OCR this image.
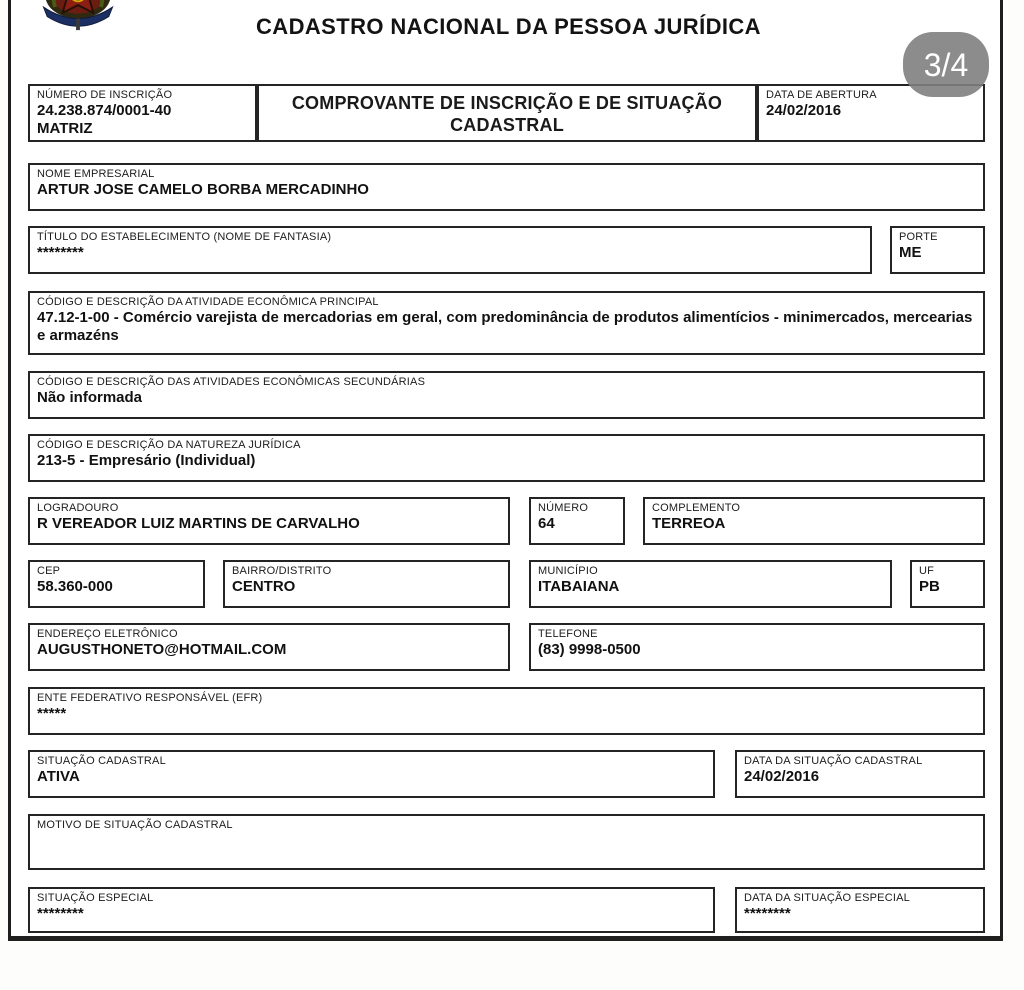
3/4
CADASTRO NACIONAL DA PESSOA JURÍDICA
NÚMERO DE INSCRIÇÃO
24.238.874/0001-40
MATRIZ
COMPROVANTE DE INSCRIÇÃO E DE SITUAÇÃO
CADASTRAL
DATA DE ABERTURA
24/02/2016
NOME EMPRESARIAL
ARTUR JOSE CAMELO BORBA MERCADINHO
TÍTULO DO ESTABELECIMENTO (NOME DE FANTASIA)
********
PORTE
ME
CÓDIGO E DESCRIÇÃO DA ATIVIDADE ECONÔMICA PRINCIPAL
47.12-1-00 - Comércio varejista de mercadorias em geral, com predominância de produtos alimentícios - minimercados, mercearias e armazéns
CÓDIGO E DESCRIÇÃO DAS ATIVIDADES ECONÔMICAS SECUNDÁRIAS
Não informada
CÓDIGO E DESCRIÇÃO DA NATUREZA JURÍDICA
213-5 - Empresário (Individual)
LOGRADOURO
R VEREADOR LUIZ MARTINS DE CARVALHO
NÚMERO
64
COMPLEMENTO
TERREOA
CEP
58.360-000
BAIRRO/DISTRITO
CENTRO
MUNICÍPIO
ITABAIANA
UF
PB
ENDEREÇO ELETRÔNICO
AUGUSTHONETO@HOTMAIL.COM
TELEFONE
(83) 9998-0500
ENTE FEDERATIVO RESPONSÁVEL (EFR)
*****
SITUAÇÃO CADASTRAL
ATIVA
DATA DA SITUAÇÃO CADASTRAL
24/02/2016
MOTIVO DE SITUAÇÃO CADASTRAL
SITUAÇÃO ESPECIAL
********
DATA DA SITUAÇÃO ESPECIAL
********
